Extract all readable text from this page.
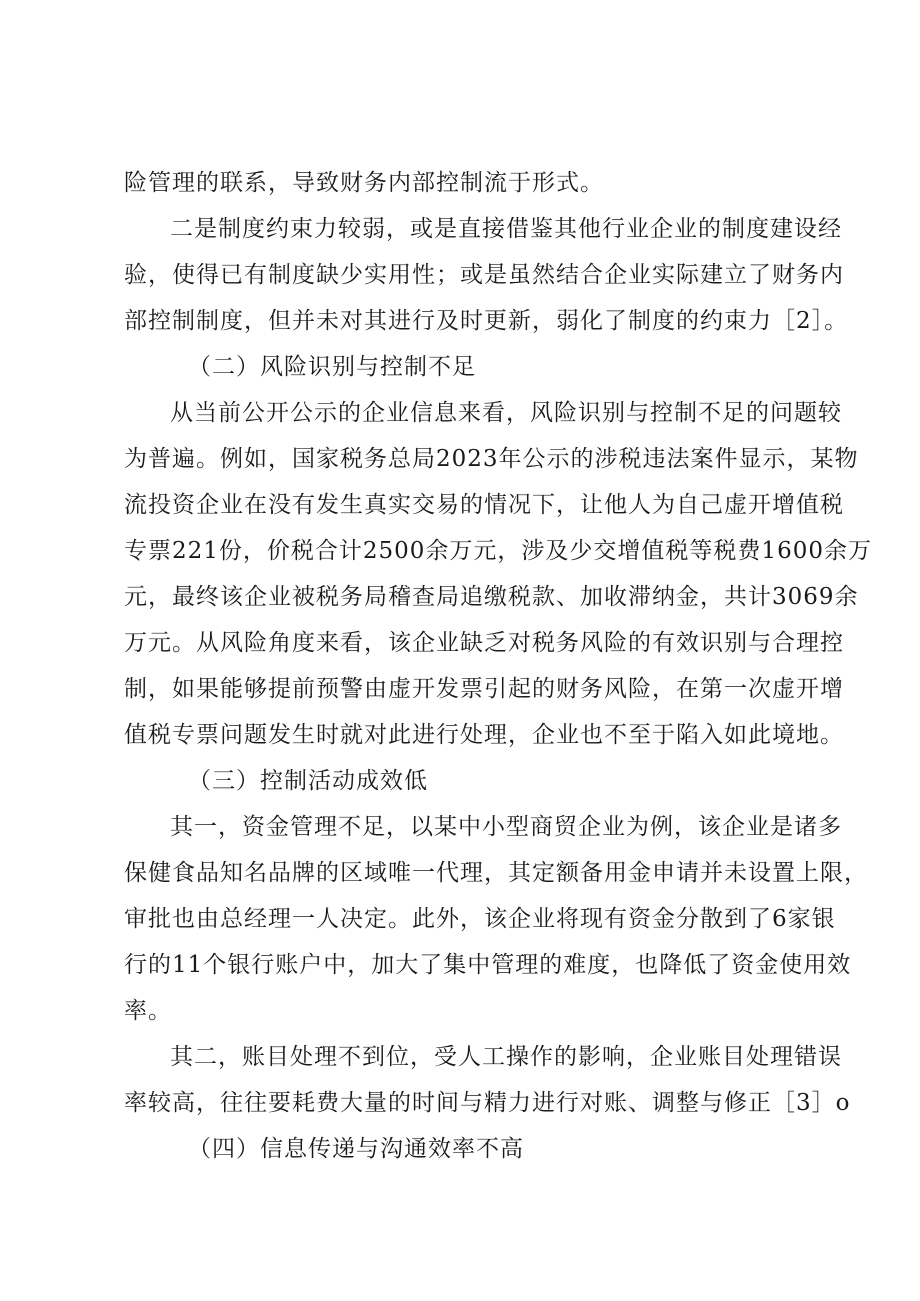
险管理的联系，导致财务内部控制流于形式。
二是制度约束力较弱，或是直接借鉴其他行业企业的制度建设经
验，使得已有制度缺少实用性；或是虽然结合企业实际建立了财务内
部控制制度，但并未对其进行及时更新，弱化了制度的约束力［2］。
（二）风险识别与控制不足
从当前公开公示的企业信息来看，风险识别与控制不足的问题较
为普遍。例如，国家税务总局2023年公示的涉税违法案件显示，某物
流投资企业在没有发生真实交易的情况下，让他人为自己虚开增值税
专票221份，价税合计2500余万元，涉及少交增值税等税费1600余万
元，最终该企业被税务局稽查局追缴税款、加收滞纳金，共计3069余
万元。从风险角度来看，该企业缺乏对税务风险的有效识别与合理控
制，如果能够提前预警由虚开发票引起的财务风险，在第一次虚开增
值税专票问题发生时就对此进行处理，企业也不至于陷入如此境地。
（三）控制活动成效低
其一，资金管理不足，以某中小型商贸企业为例，该企业是诸多
保健食品知名品牌的区域唯一代理，其定额备用金申请并未设置上限，
审批也由总经理一人决定。此外，该企业将现有资金分散到了6家银
行的11个银行账户中，加大了集中管理的难度，也降低了资金使用效
率。
其二，账目处理不到位，受人工操作的影响，企业账目处理错误
率较高，往往要耗费大量的时间与精力进行对账、调整与修正［3］o
（四）信息传递与沟通效率不高
